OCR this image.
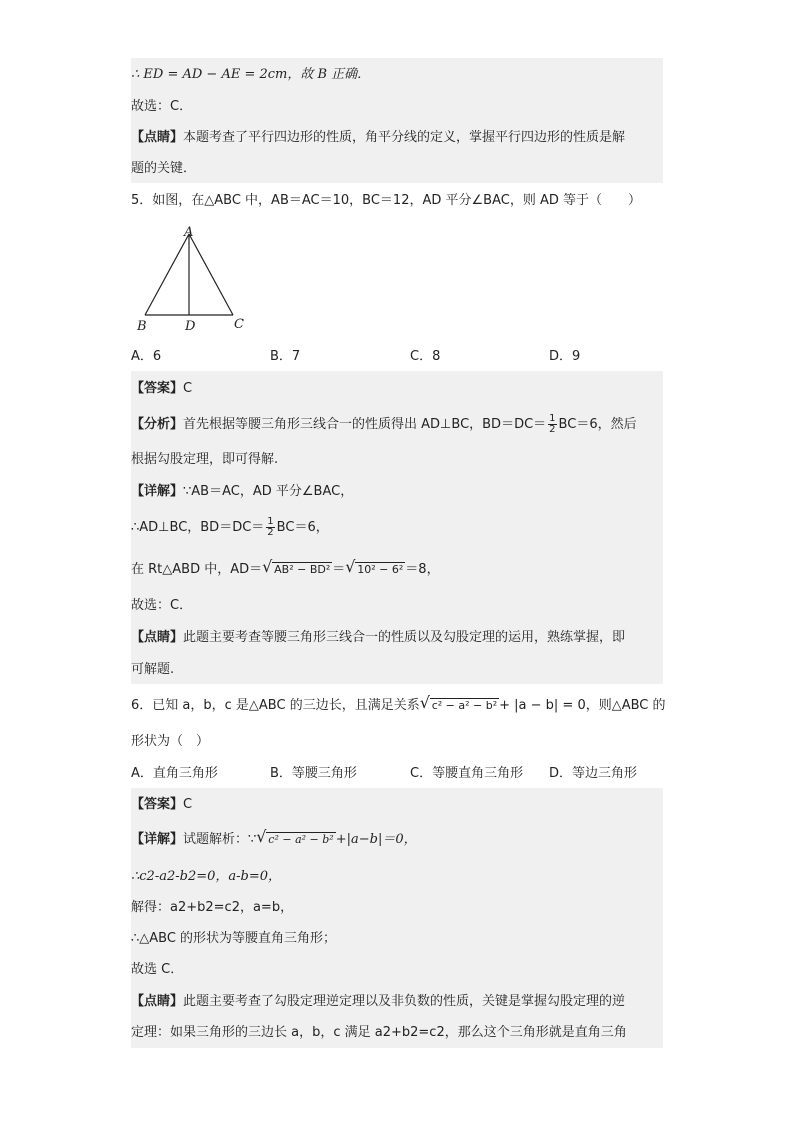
∴ ED = AD − AE = 2cm，故 B 正确．
故选：C．
【点睛】本题考查了平行四边形的性质，角平分线的定义，掌握平行四边形的性质是解
题的关键．
5．如图，在△ABC 中，AB＝AC＝10，BC＝12，AD 平分∠BAC，则 AD 等于（　　）
A
B	D	C
A．6	B．7	C．8	D．9
【答案】C
【分析】首先根据等腰三角形三线合一的性质得出 AD⊥BC，$BD=DC= \frac{1}{2} BC=6$，然后
根据勾股定理，即可得解.
【详解】∵AB＝AC，AD 平分∠BAC，
∴AD⊥BC，$BD=DC= \frac{1}{2} BC=6$，
在 Rt△ABD 中，AD＝ √ AB² − BD² ＝ √ 10² − 6² ＝8，
故选：C．
【点睛】此题主要考查等腰三角形三线合一的性质以及勾股定理的运用，熟练掌握，即
可解题.
6．已知 a，b，c 是△ABC 的三边长，且满足关系 √ c² − a² − b² + |a − b| = 0，则△ABC 的
形状为（　）
A．直角三角形	B．等腰三角形	C．等腰直角三角形 D．等边三角形
【答案】C
【详解】试题解析：∵ √ c² − a² − b² +|a−b|＝0，
∴c2-a2-b2=0，a-b=0，
解得：a2+b2=c2，a=b，
∴△ABC 的形状为等腰直角三角形；
故选 C．
【点睛】此题主要考查了勾股定理逆定理以及非负数的性质，关键是掌握勾股定理的逆
定理：如果三角形的三边长 a，b，c 满足 a2+b2=c2，那么这个三角形就是直角三角
